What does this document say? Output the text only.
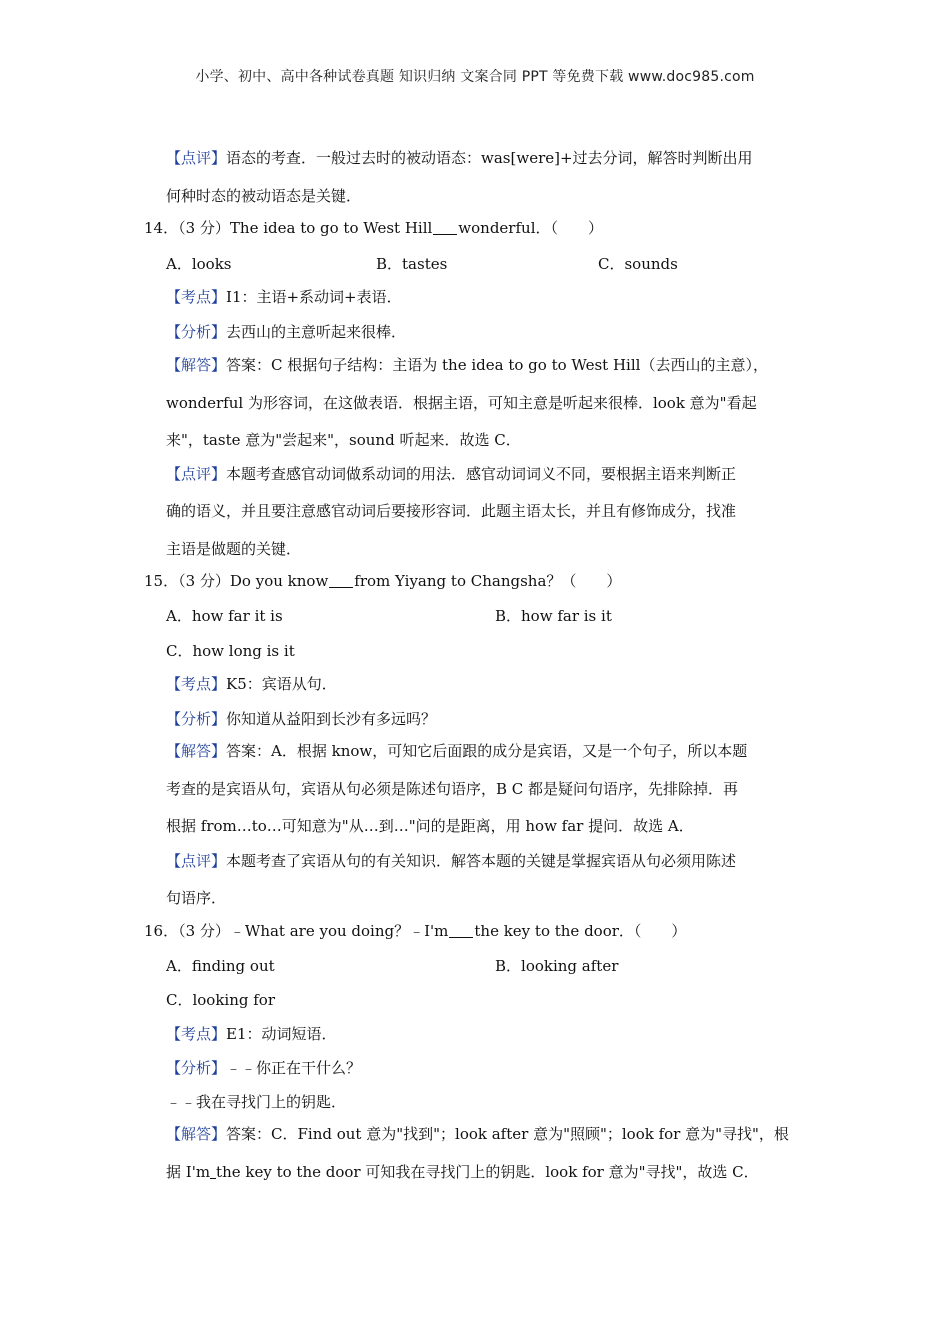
小学、初中、高中各种试卷真题 知识归纳 文案合同 PPT 等免费下载 www.doc985.com
【点评】语态的考查．一般过去时的被动语态：was[were]+过去分词，解答时判断出用
何种时态的被动语态是关键．
14．（3 分）The idea to go to West Hill wonderful．（　　）
A．looks	B．tastes	C．sounds
【考点】I1：主语+系动词+表语．
【分析】去西山的主意听起来很棒．
【解答】答案：C 根据句子结构：主语为 the idea to go to West Hill（去西山的主意），
wonderful 为形容词，在这做表语．根据主语，可知主意是听起来很棒．look 意为"看起
来"，taste 意为"尝起来"，sound 听起来．故选 C．
【点评】本题考查感官动词做系动词的用法．感官动词词义不同，要根据主语来判断正
确的语义，并且要注意感官动词后要接形容词．此题主语太长，并且有修饰成分，找准
主语是做题的关键．
15．（3 分）Do you know from Yiyang to Changsha？（　　）
A．how far it is	B．how far is it
C．how long is it
【考点】K5：宾语从句．
【分析】你知道从益阳到长沙有多远吗？
【解答】答案：A．根据 know，可知它后面跟的成分是宾语，又是一个句子，所以本题
考查的是宾语从句，宾语从句必须是陈述句语序，B C 都是疑问句语序，先排除掉．再
根据 from…to…可知意为"从…到…"问的是距离，用 how far 提问．故选 A．
【点评】本题考查了宾语从句的有关知识．解答本题的关键是掌握宾语从句必须用陈述
句语序．
16．（3 分）﹣What are you doing？﹣I'm the key to the door．（　　）
A．finding out	B．looking after
C．looking for
【考点】E1：动词短语．
【分析】﹣﹣你正在干什么？
﹣﹣我在寻找门上的钥匙．
【解答】答案：C．Find out 意为"找到"；look after 意为"照顾"；look for 意为"寻找"，根
据 I'm the key to the door 可知我在寻找门上的钥匙．look for 意为"寻找"，故选 C．
